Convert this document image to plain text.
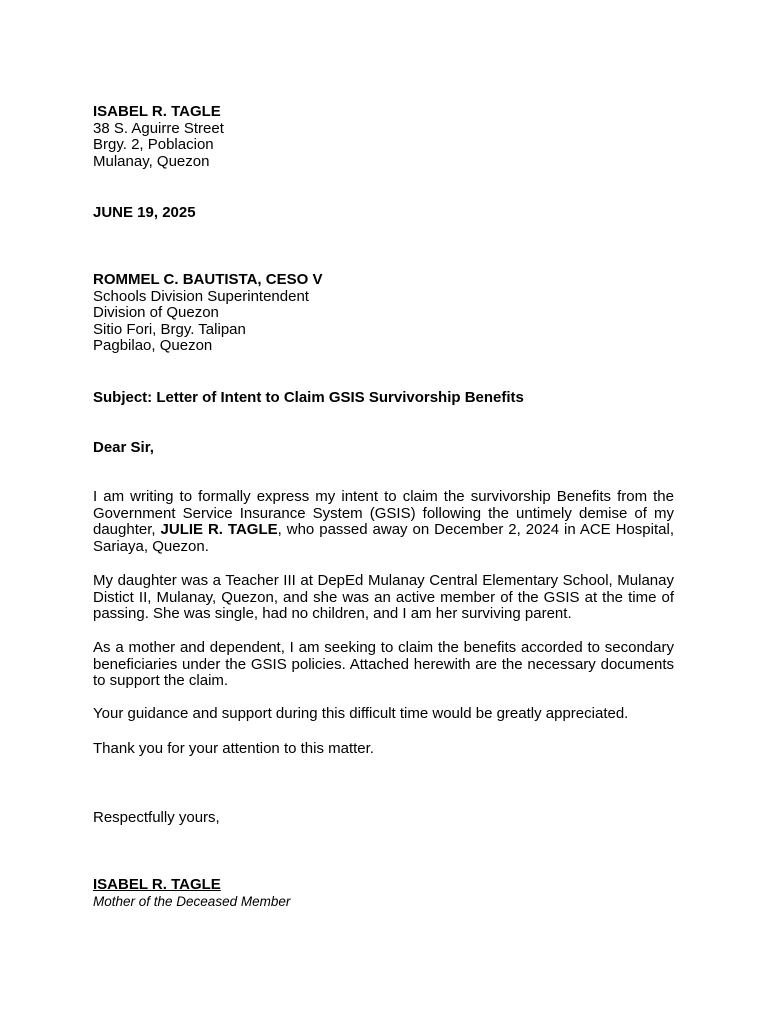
ISABEL R. TAGLE
38 S. Aguirre Street
Brgy. 2, Poblacion
Mulanay, Quezon
JUNE 19, 2025
ROMMEL C. BAUTISTA, CESO V
Schools Division Superintendent
Division of Quezon
Sitio Fori, Brgy. Talipan
Pagbilao, Quezon
Subject: Letter of Intent to Claim GSIS Survivorship Benefits
Dear Sir,

I am writing to formally express my intent to claim the survivorship Benefits from the Government Service Insurance System (GSIS) following the untimely demise of my daughter, JULIE R. TAGLE, who passed away on December 2, 2024 in ACE Hospital, Sariaya, Quezon.

My daughter was a Teacher III at DepEd Mulanay Central Elementary School, Mulanay Distict II, Mulanay, Quezon, and she was an active member of the GSIS at the time of passing. She was single, had no children, and I am her surviving parent.

As a mother and dependent, I am seeking to claim the benefits accorded to secondary beneficiaries under the GSIS policies. Attached herewith are the necessary documents to support the claim.

Your guidance and support during this difficult time would be greatly appreciated.

Thank you for your attention to this matter.

Respectfully yours,
ISABEL R. TAGLE
Mother of the Deceased Member
